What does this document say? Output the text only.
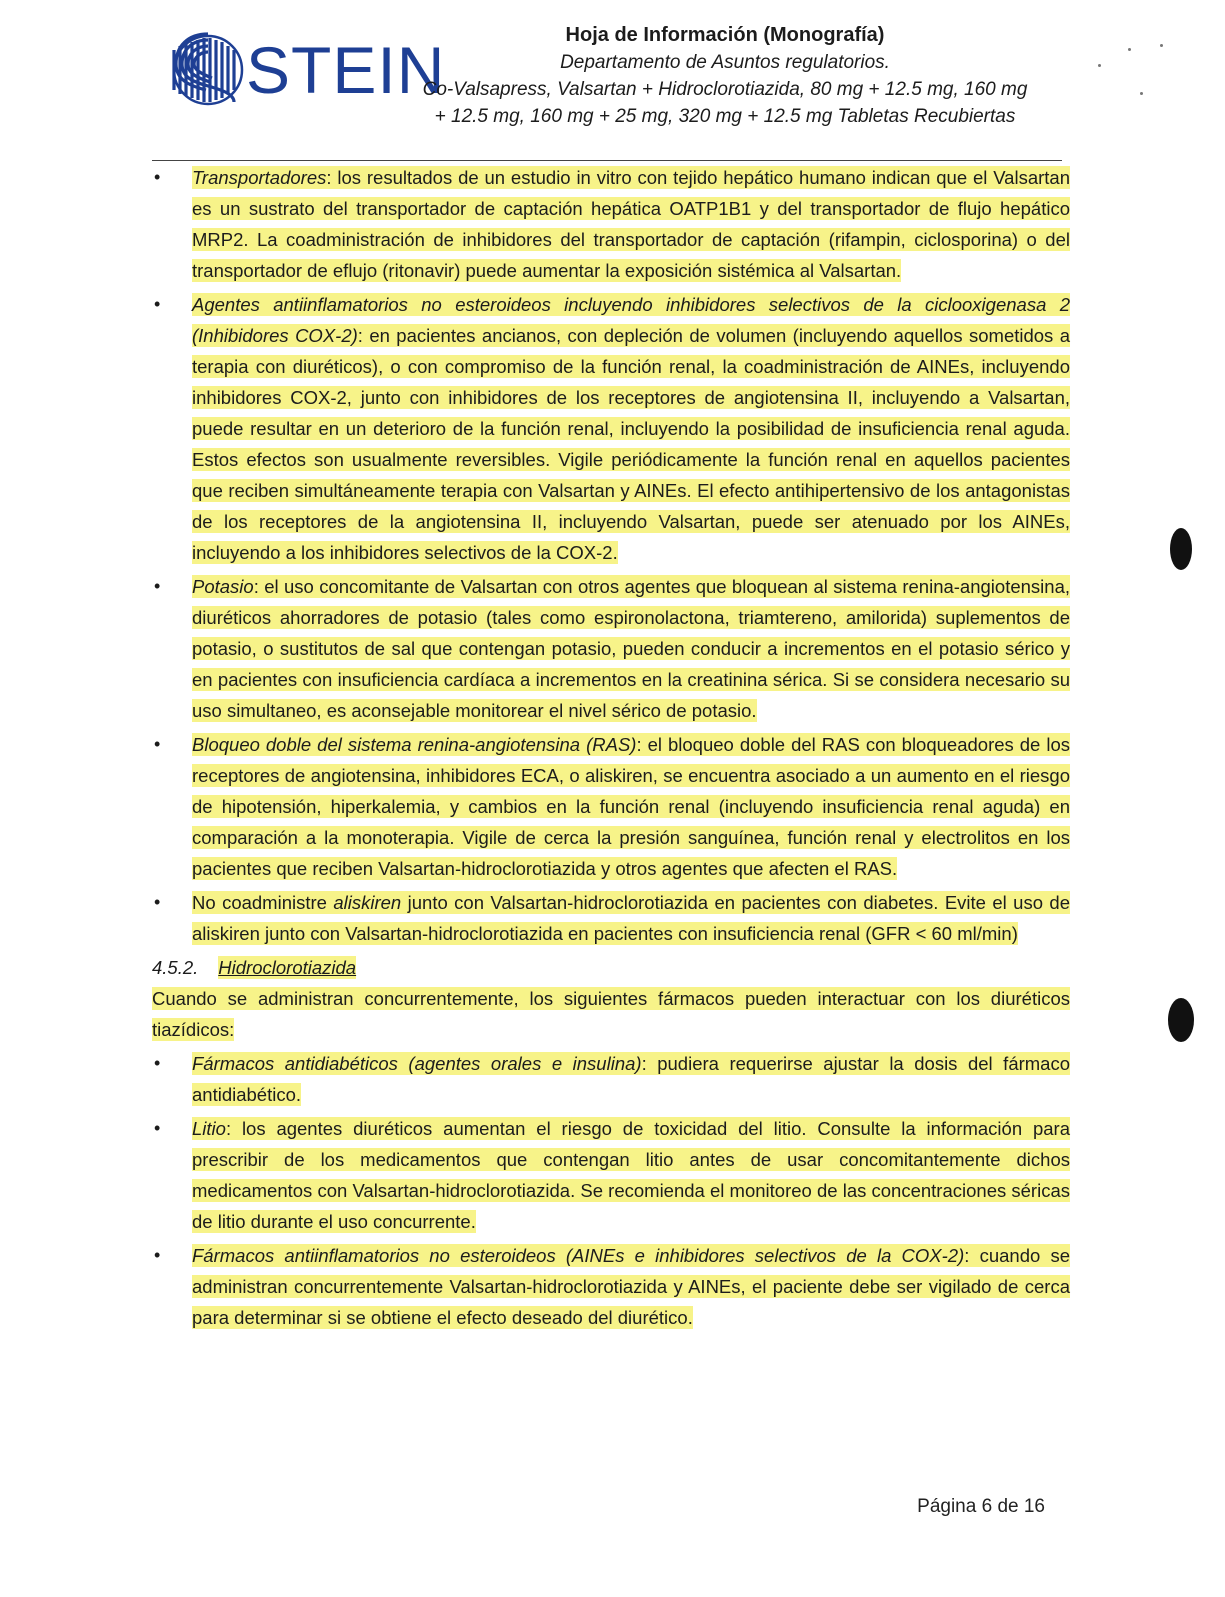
STEIN	Hoja de Información (Monografía)
Departamento de Asuntos regulatorios.
Co-Valsapress, Valsartan + Hidroclorotiazida, 80 mg + 12.5 mg, 160 mg
+ 12.5 mg, 160 mg + 25 mg, 320 mg + 12.5 mg Tabletas Recubiertas
•	Transportadores: los resultados de un estudio in vitro con tejido hepático humano indican que el Valsartan es un sustrato del transportador de captación hepática OATP1B1 y del transportador de flujo hepático MRP2. La coadministración de inhibidores del transportador de captación (rifampin, ciclosporina) o del transportador de eflujo (ritonavir) puede aumentar la exposición sistémica al Valsartan.
•	Agentes antiinflamatorios no esteroideos incluyendo inhibidores selectivos de la ciclooxigenasa 2 (Inhibidores COX-2): en pacientes ancianos, con depleción de volumen (incluyendo aquellos sometidos a terapia con diuréticos), o con compromiso de la función renal, la coadministración de AINEs, incluyendo inhibidores COX-2, junto con inhibidores de los receptores de angiotensina II, incluyendo a Valsartan, puede resultar en un deterioro de la función renal, incluyendo la posibilidad de insuficiencia renal aguda. Estos efectos son usualmente reversibles. Vigile periódicamente la función renal en aquellos pacientes que reciben simultáneamente terapia con Valsartan y AINEs. El efecto antihipertensivo de los antagonistas de los receptores de la angiotensina II, incluyendo Valsartan, puede ser atenuado por los AINEs, incluyendo a los inhibidores selectivos de la COX-2.
•	Potasio: el uso concomitante de Valsartan con otros agentes que bloquean al sistema renina-angiotensina, diuréticos ahorradores de potasio (tales como espironolactona, triamtereno, amilorida) suplementos de potasio, o sustitutos de sal que contengan potasio, pueden conducir a incrementos en el potasio sérico y en pacientes con insuficiencia cardíaca a incrementos en la creatinina sérica. Si se considera necesario su uso simultaneo, es aconsejable monitorear el nivel sérico de potasio.
•	Bloqueo doble del sistema renina-angiotensina (RAS): el bloqueo doble del RAS con bloqueadores de los receptores de angiotensina, inhibidores ECA, o aliskiren, se encuentra asociado a un aumento en el riesgo de hipotensión, hiperkalemia, y cambios en la función renal (incluyendo insuficiencia renal aguda) en comparación a la monoterapia. Vigile de cerca la presión sanguínea, función renal y electrolitos en los pacientes que reciben Valsartan-hidroclorotiazida y otros agentes que afecten el RAS.
•	No coadministre aliskiren junto con Valsartan-hidroclorotiazida en pacientes con diabetes. Evite el uso de aliskiren junto con Valsartan-hidroclorotiazida en pacientes con insuficiencia renal (GFR < 60 ml/min)
4.5.2. Hidroclorotiazida

Cuando se administran concurrentemente, los siguientes fármacos pueden interactuar con los diuréticos tiazídicos:

•	Fármacos antidiabéticos (agentes orales e insulina): pudiera requerirse ajustar la dosis del fármaco antidiabético.
•	Litio: los agentes diuréticos aumentan el riesgo de toxicidad del litio. Consulte la información para prescribir de los medicamentos que contengan litio antes de usar concomitantemente dichos medicamentos con Valsartan-hidroclorotiazida. Se recomienda el monitoreo de las concentraciones séricas de litio durante el uso concurrente.
•	Fármacos antiinflamatorios no esteroideos (AINEs e inhibidores selectivos de la COX-2): cuando se administran concurrentemente Valsartan-hidroclorotiazida y AINEs, el paciente debe ser vigilado de cerca para determinar si se obtiene el efecto deseado del diurético.
Página 6 de 16
